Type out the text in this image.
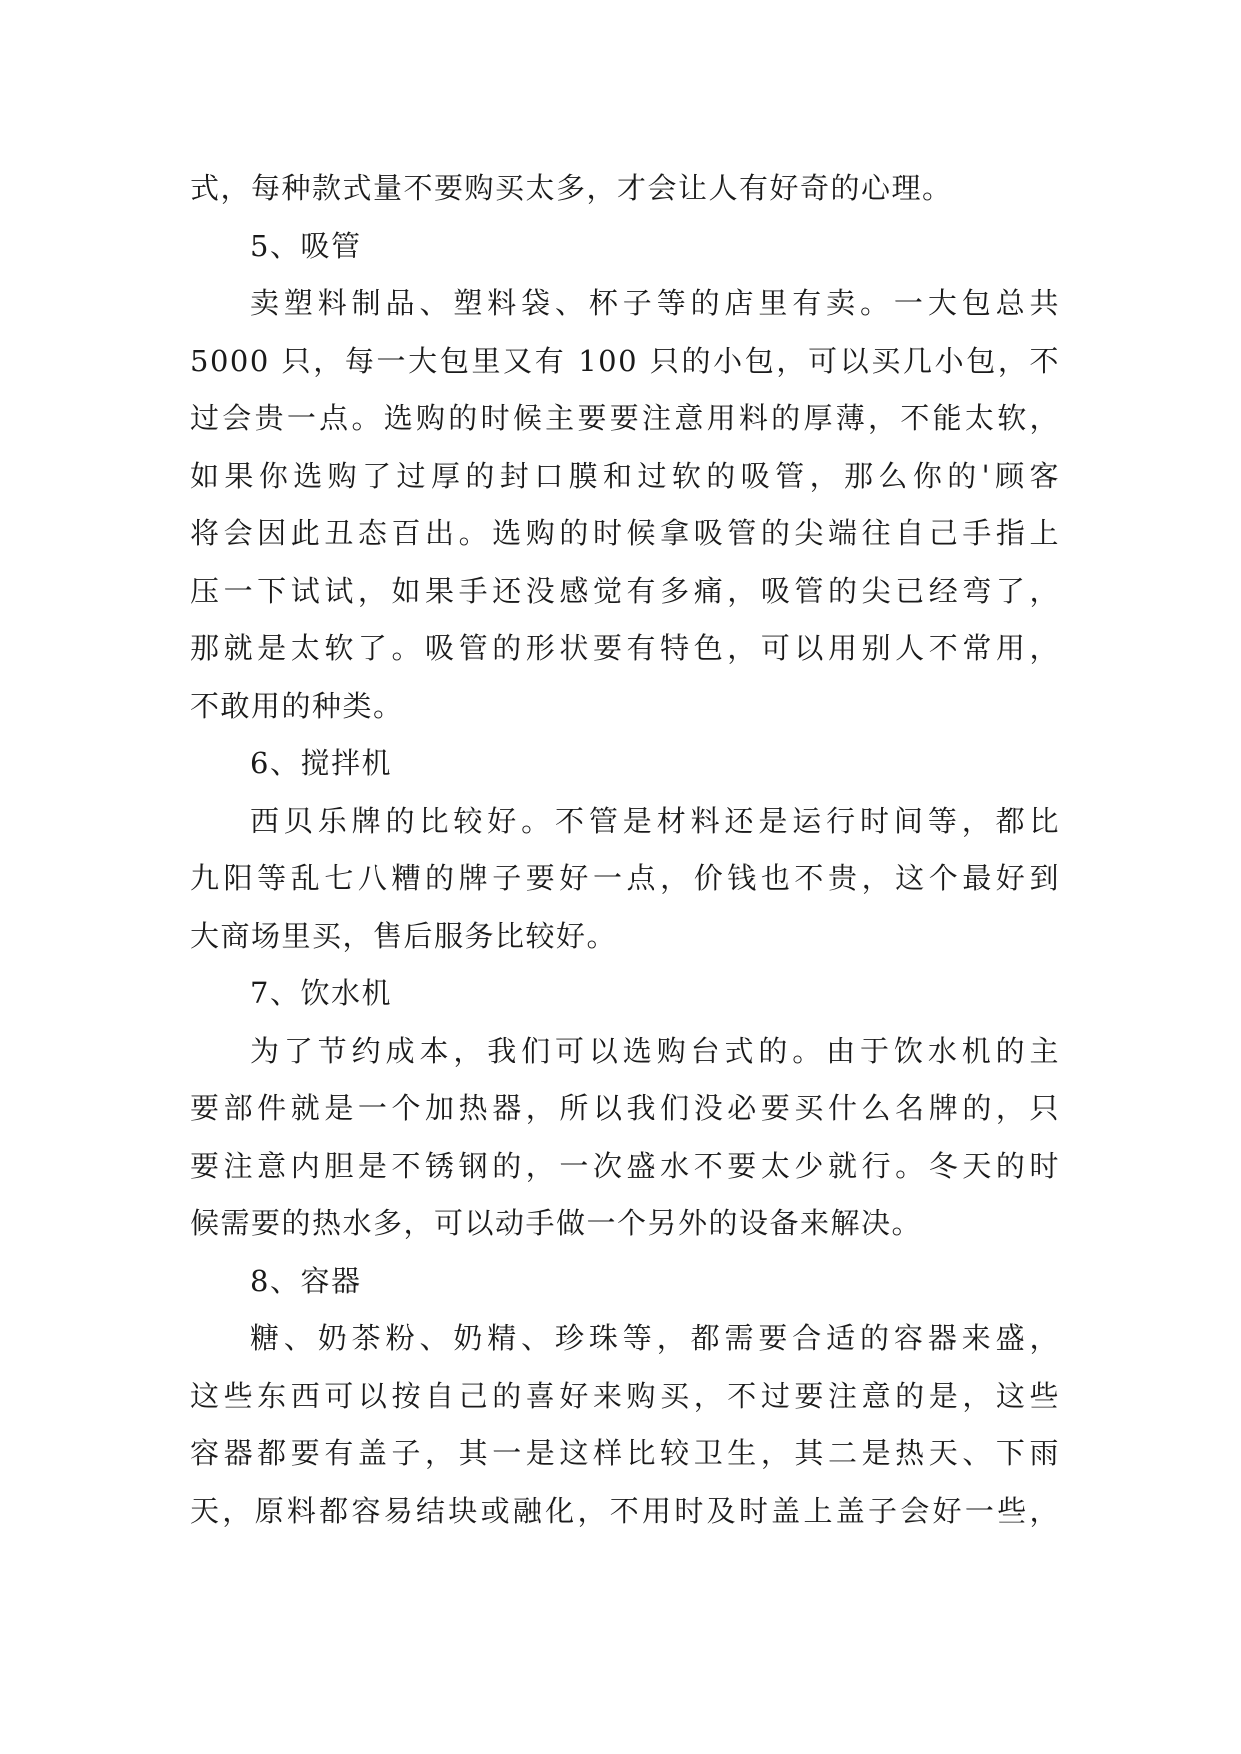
式，每种款式量不要购买太多，才会让人有好奇的心理。
5、吸管
卖塑料制品、塑料袋、杯子等的店里有卖。一大包总共
5000 只，每一大包里又有 100 只的小包，可以买几小包，不
过会贵一点。选购的时候主要要注意用料的厚薄，不能太软，
如果你选购了过厚的封口膜和过软的吸管，那么你的'顾客
将会因此丑态百出。选购的时候拿吸管的尖端往自己手指上
压一下试试，如果手还没感觉有多痛，吸管的尖已经弯了，
那就是太软了。吸管的形状要有特色，可以用别人不常用，
不敢用的种类。
6、搅拌机
西贝乐牌的比较好。不管是材料还是运行时间等，都比
九阳等乱七八糟的牌子要好一点，价钱也不贵，这个最好到
大商场里买，售后服务比较好。
7、饮水机
为了节约成本，我们可以选购台式的。由于饮水机的主
要部件就是一个加热器，所以我们没必要买什么名牌的，只
要注意内胆是不锈钢的，一次盛水不要太少就行。冬天的时
候需要的热水多，可以动手做一个另外的设备来解决。
8、容器
糖、奶茶粉、奶精、珍珠等，都需要合适的容器来盛，
这些东西可以按自己的喜好来购买，不过要注意的是，这些
容器都要有盖子，其一是这样比较卫生，其二是热天、下雨
天，原料都容易结块或融化，不用时及时盖上盖子会好一些，
